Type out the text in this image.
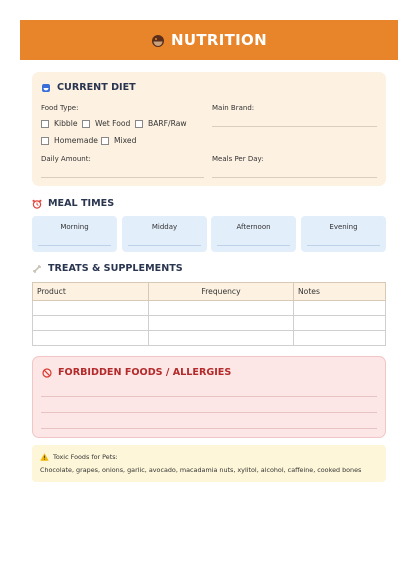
NUTRITION
CURRENT DIET
Food Type:
Kibble Wet Food BARF/Raw
Homemade Mixed
Main Brand:
Daily Amount:	Meals Per Day:
MEAL TIMES
Morning	Midday	Afternoon	Evening
TREATS & SUPPLEMENTS
Product	Frequency	Notes

FORBIDDEN FOODS / ALLERGIES
Toxic Foods for Pets:
Chocolate, grapes, onions, garlic, avocado, macadamia nuts, xylitol, alcohol, caffeine, cooked bones
